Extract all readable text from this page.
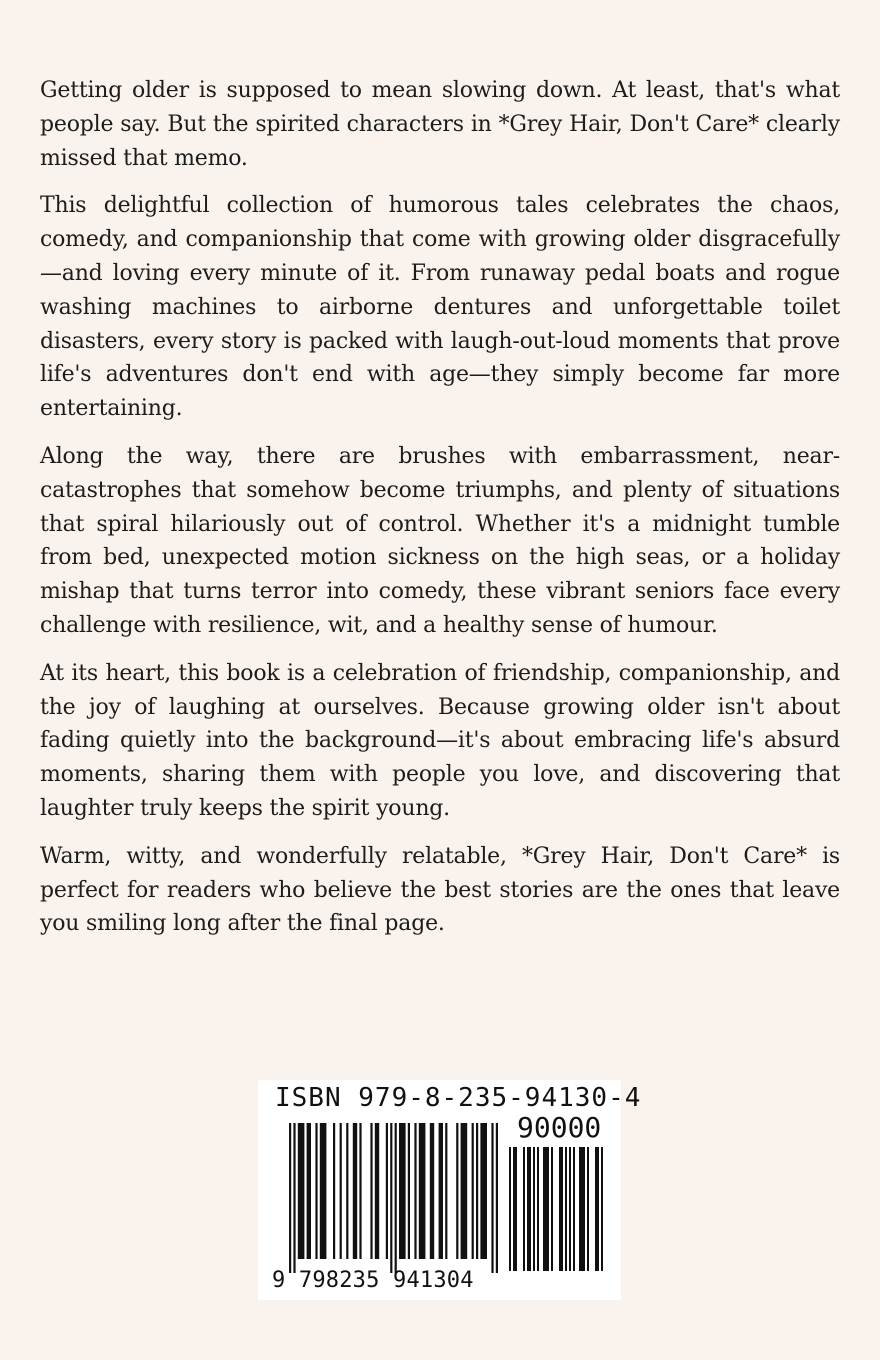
Getting older is supposed to mean slowing down. At least, that's what people say. But the spirited characters in *Grey Hair, Don't Care* clearly missed that memo.

This delightful collection of humorous tales celebrates the chaos, comedy, and companionship that come with growing older disgracefully—and loving every minute of it. From runaway pedal boats and rogue washing machines to airborne dentures and unforgettable toilet disasters, every story is packed with laugh-out-loud moments that prove life's adventures don't end with age—they simply become far more entertaining.

Along the way, there are brushes with embarrassment, near-catastrophes that somehow become triumphs, and plenty of situations that spiral hilariously out of control. Whether it's a midnight tumble from bed, unexpected motion sickness on the high seas, or a holiday mishap that turns terror into comedy, these vibrant seniors face every challenge with resilience, wit, and a healthy sense of humour.

At its heart, this book is a celebration of friendship, companionship, and the joy of laughing at ourselves. Because growing older isn't about fading quietly into the background—it's about embracing life's absurd moments, sharing them with people you love, and discovering that laughter truly keeps the spirit young.

Warm, witty, and wonderfully relatable, *Grey Hair, Don't Care* is perfect for readers who believe the best stories are the ones that leave you smiling long after the final page.

ISBN 979-8-235-94130-4
90000
9 798235 941304
